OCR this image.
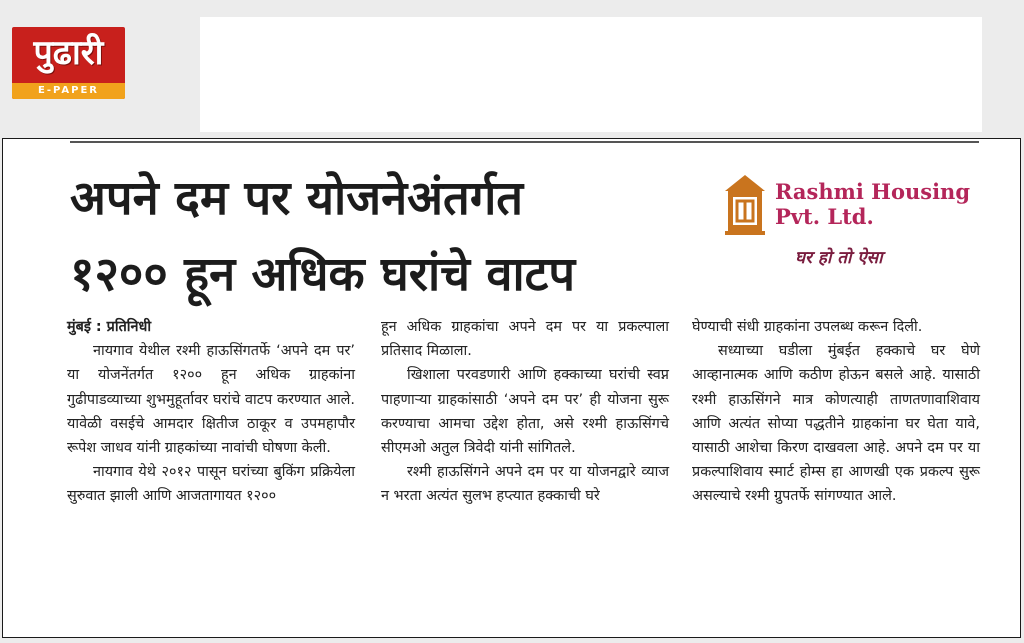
पुढारी
E-PAPER
अपने दम पर योजनेअंतर्गत
१२०० हून अधिक घरांचे वाटप
Rashmi Housing
Pvt. Ltd.
घर हो तो ऐसा
मुंबई : प्रतिनिधी

नायगाव येथील रश्मी हाऊसिंगतर्फे ‘अपने दम पर’ या योजनेंतर्गत १२०० हून अधिक ग्राहकांना गुढीपाडव्याच्या शुभमुहूर्तावर घरांचे वाटप करण्यात आले. यावेळी वसईचे आमदार क्षितीज ठाकूर व उपमहापौर रूपेश जाधव यांनी ग्राहकांच्या नावांची घोषणा केली.

नायगाव येथे २०१२ पासून घरांच्या बुकिंग प्रक्रियेला सुरुवात झाली आणि आजतागायत १२००

हून अधिक ग्राहकांचा अपने दम पर या प्रकल्पाला प्रतिसाद मिळाला.

खिशाला परवडणारी आणि हक्काच्या घरांची स्वप्न पाहणाऱ्या ग्राहकांसाठी ‘अपने दम पर’ ही योजना सुरू करण्याचा आमचा उद्देश होता, असे रश्मी हाऊसिंगचे सीएमओ अतुल त्रिवेदी यांनी सांगितले.

रश्मी हाऊसिंगने अपने दम पर या योजनद्वारे व्याज न भरता अत्यंत सुलभ हप्त्यात हक्काची घरे

घेण्याची संधी ग्राहकांना उपलब्ध करून दिली.

सध्याच्या घडीला मुंबईत हक्काचे घर घेणे आव्हानात्मक आणि कठीण होऊन बसले आहे. यासाठी रश्मी हाऊसिंगने मात्र कोणत्याही ताणतणावाशिवाय आणि अत्यंत सोप्या पद्धतीने ग्राहकांना घर घेता यावे, यासाठी आशेचा किरण दाखवला आहे. अपने दम पर या प्रकल्पाशिवाय स्मार्ट होम्स हा आणखी एक प्रकल्प सुरू असल्याचे रश्मी ग्रुपतर्फे सांगण्यात आले.
